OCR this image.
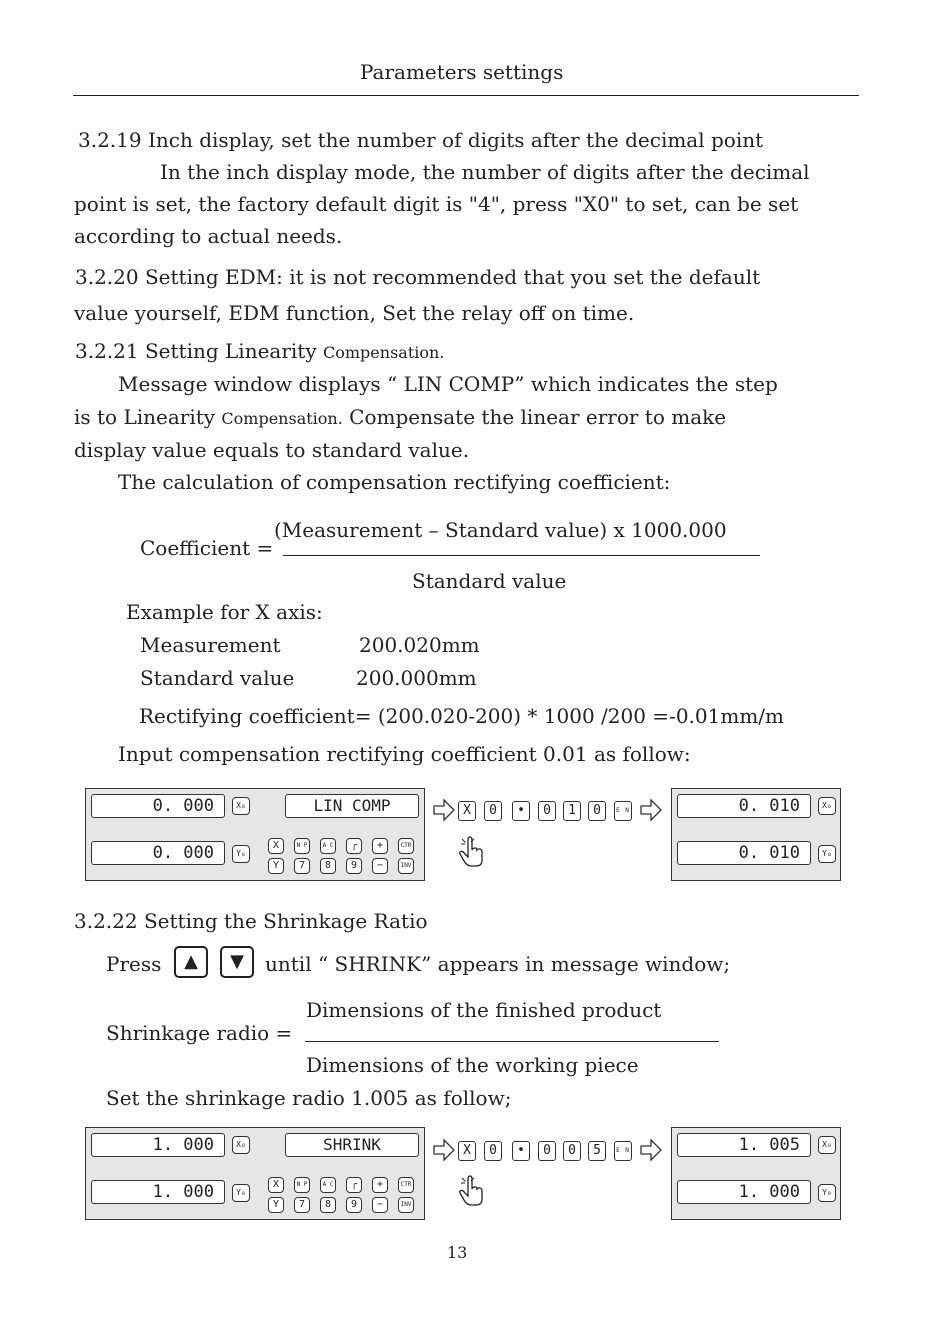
Parameters settings
3.2.19 Inch display, set the number of digits after the decimal point
In the inch display mode, the number of digits after the decimal
point is set, the factory default digit is "4", press "X0" to set, can be set
according to actual needs.
3.2.20 Setting EDM: it is not recommended that you set the default
value yourself, EDM function, Set the relay off on time.
3.2.21 Setting Linearity Compensation.
Message window displays “ LIN COMP” which indicates the step
is to Linearity Compensation. Compensate the linear error to make
display value equals to standard value.
The calculation of compensation rectifying coefficient:
(Measurement – Standard value) x 1000.000
Coefficient =
Standard value
Example for X axis:
Measurement	200.020mm
Standard value	200.000mm
Rectifying coefficient= (200.020-200) * 1000 /200 =-0.01mm/m
Input compensation rectifying coefficient 0.01 as follow:
0. 000	X₀
0. 000	Y₀
LIN COMP
X	N P	A C	╭	+	CTR
Y	7	8	9	−	INV
X	0	•	0	1	0	E N	0. 010	X₀
0. 010	Y₀
3.2.22 Setting the Shrinkage Ratio
Press	▲	▼	until “ SHRINK” appears in message window;
Dimensions of the finished product
Shrinkage radio =
Dimensions of the working piece
Set the shrinkage radio 1.005 as follow;
1. 000	X₀
1. 000	Y₀
SHRINK
X	N P	A C	╭	+	CTR
Y	7	8	9	−	INV
X	0	•	0	0	5	E N	1. 005	X₀
1. 000	Y₀
13
